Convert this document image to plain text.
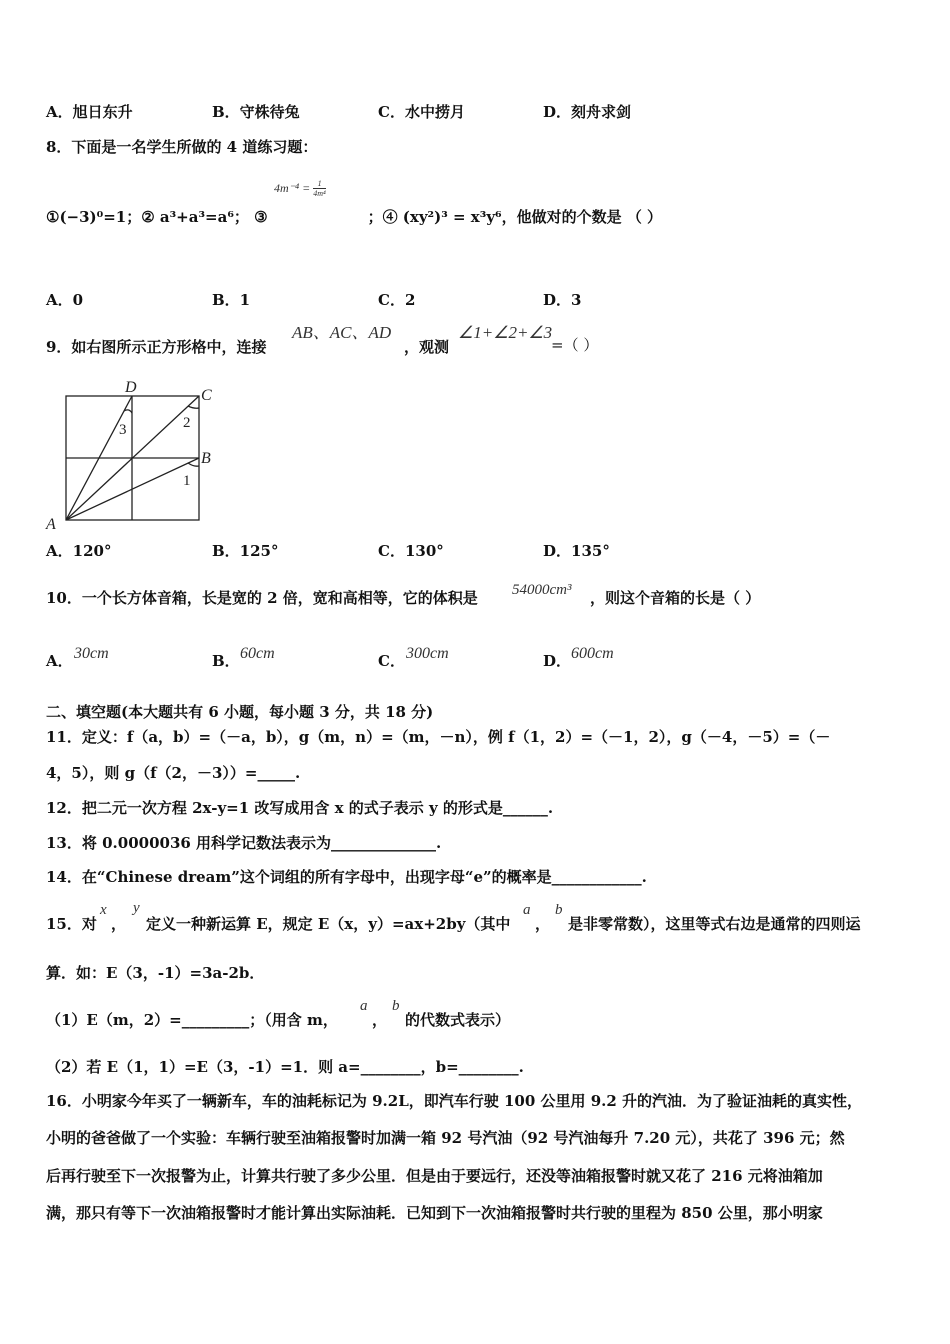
A．旭日东升	B．守株待兔	C．水中捞月	D．刻舟求剑
8．下面是一名学生所做的 4 道练习题：
$4m^{-4} = \frac{1}{\text{4m⁴}}$
①(−3)⁰=1；② a³+a³=a⁶； ③	；④ (xy²)³ = x³y⁶，他做对的个数是 （ ）
A．0	B．1	C．2	D．3
9．如右图所示正方形格中，连接
AB、AC、AD
，观测
∠1+∠2+∠3
=（ ）
D	C
B
A
3	2
1
A．120°	B．125°	C．130°	D．135°
10．一个长方体音箱，长是宽的 2 倍，宽和高相等，它的体积是 54000cm³ ，则这个音箱的长是（ ）
A． 30cm	B． 60cm	C． 300cm	D． 600cm
二、填空题(本大题共有 6 小题，每小题 3 分，共 18 分)
11．定义：f（a，b）=（－a，b），g（m，n）=（m，－n），例 f（1，2）=（－1，2），g（－4，－5）=（－
4，5），则 g（f（2，－3））=_____.
12．把二元一次方程 2x-y=1 改写成用含 x 的式子表示 y 的形式是______.
13．将 0.0000036 用科学记数法表示为______________.
14．在“Chinese dream”这个词组的所有字母中，出现字母“e”的概率是____________.
15．对
x
，
y
定义一种新运算 E，规定 E（x，y）=ax+2by（其中
a
，
b
是非零常数），这里等式右边是通常的四则运
算．如：E（3，-1）=3a-2b．
（1）E（m，2）=_________；（用含 m，
a
，
b
的代数式表示）
（2）若 E（1，1）=E（3，-1）=1．则 a=________，b=________.
16．小明家今年买了一辆新车，车的油耗标记为 9.2L，即汽车行驶 100 公里用 9.2 升的汽油．为了验证油耗的真实性，
小明的爸爸做了一个实验：车辆行驶至油箱报警时加满一箱 92 号汽油（92 号汽油每升 7.20 元），共花了 396 元；然
后再行驶至下一次报警为止，计算共行驶了多少公里．但是由于要远行，还没等油箱报警时就又花了 216 元将油箱加
满，那只有等下一次油箱报警时才能计算出实际油耗．已知到下一次油箱报警时共行驶的里程为 850 公里，那小明家
